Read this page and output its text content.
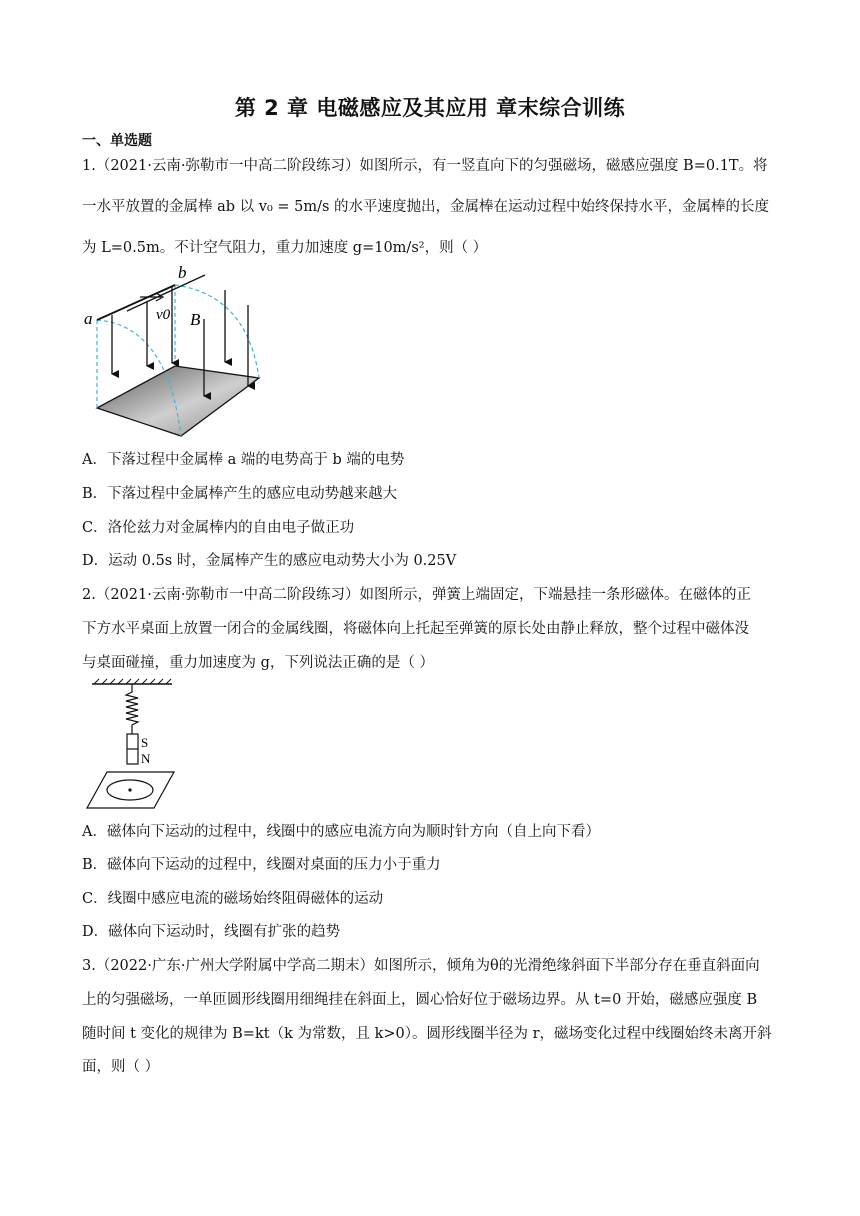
第 2 章 电磁感应及其应用 章末综合训练
一、单选题
1.（2021·云南·弥勒市一中高二阶段练习）如图所示，有一竖直向下的匀强磁场，磁感应强度 B=0.1T。将
一水平放置的金属棒 ab 以 v₀ = 5m/s 的水平速度抛出，金属棒在运动过程中始终保持水平，金属棒的长度
为 L=0.5m。不计空气阻力，重力加速度 g=10m/s²，则（ ）
a
b
v0 B
A．下落过程中金属棒 a 端的电势高于 b 端的电势
B．下落过程中金属棒产生的感应电动势越来越大
C．洛伦兹力对金属棒内的自由电子做正功
D．运动 0.5s 时，金属棒产生的感应电动势大小为 0.25V
2.（2021·云南·弥勒市一中高二阶段练习）如图所示，弹簧上端固定，下端悬挂一条形磁体。在磁体的正
下方水平桌面上放置一闭合的金属线圈，将磁体向上托起至弹簧的原长处由静止释放，整个过程中磁体没
与桌面碰撞，重力加速度为 g，下列说法正确的是（ ）
S
N
A．磁体向下运动的过程中，线圈中的感应电流方向为顺时针方向（自上向下看）
B．磁体向下运动的过程中，线圈对桌面的压力小于重力
C．线圈中感应电流的磁场始终阻碍磁体的运动
D．磁体向下运动时，线圈有扩张的趋势
3.（2022·广东·广州大学附属中学高二期末）如图所示，倾角为θ的光滑绝缘斜面下半部分存在垂直斜面向
上的匀强磁场，一单匝圆形线圈用细绳挂在斜面上，圆心恰好位于磁场边界。从 t=0 开始，磁感应强度 B
随时间 t 变化的规律为 B=kt（k 为常数，且 k>0）。圆形线圈半径为 r，磁场变化过程中线圈始终未离开斜
面，则（ ）
